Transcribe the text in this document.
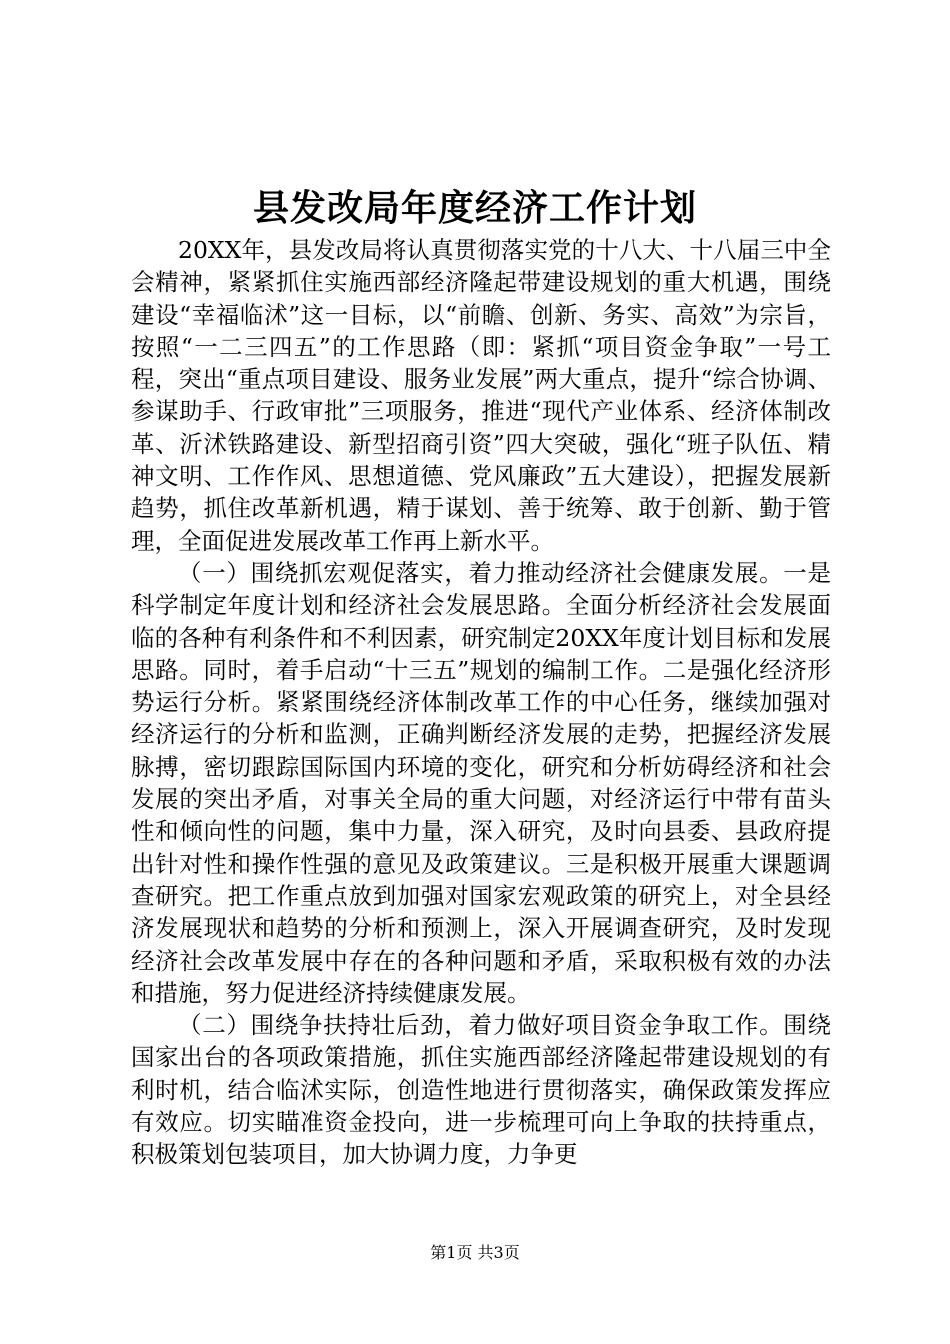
县发改局年度经济工作计划

20XX年，县发改局将认真贯彻落实党的十八大、十八届三中全会精神，紧紧抓住实施西部经济隆起带建设规划的重大机遇，围绕建设“幸福临沭”这一目标，以“前瞻、创新、务实、高效”为宗旨，按照“一二三四五”的工作思路（即：紧抓“项目资金争取”一号工程，突出“重点项目建设、服务业发展”两大重点，提升“综合协调、参谋助手、行政审批”三项服务，推进“现代产业体系、经济体制改革、沂沭铁路建设、新型招商引资”四大突破，强化“班子队伍、精神文明、工作作风、思想道德、党风廉政”五大建设），把握发展新趋势，抓住改革新机遇，精于谋划、善于统筹、敢于创新、勤于管理，全面促进发展改革工作再上新水平。

（一）围绕抓宏观促落实，着力推动经济社会健康发展。一是科学制定年度计划和经济社会发展思路。全面分析经济社会发展面临的各种有利条件和不利因素，研究制定20XX年度计划目标和发展思路。同时，着手启动“十三五”规划的编制工作。二是强化经济形势运行分析。紧紧围绕经济体制改革工作的中心任务，继续加强对经济运行的分析和监测，正确判断经济发展的走势，把握经济发展脉搏，密切跟踪国际国内环境的变化，研究和分析妨碍经济和社会发展的突出矛盾，对事关全局的重大问题，对经济运行中带有苗头性和倾向性的问题，集中力量，深入研究，及时向县委、县政府提出针对性和操作性强的意见及政策建议。三是积极开展重大课题调查研究。把工作重点放到加强对国家宏观政策的研究上，对全县经济发展现状和趋势的分析和预测上，深入开展调查研究，及时发现经济社会改革发展中存在的各种问题和矛盾，采取积极有效的办法和措施，努力促进经济持续健康发展。

（二）围绕争扶持壮后劲，着力做好项目资金争取工作。围绕国家出台的各项政策措施，抓住实施西部经济隆起带建设规划的有利时机，结合临沭实际，创造性地进行贯彻落实，确保政策发挥应有效应。切实瞄准资金投向，进一步梳理可向上争取的扶持重点，积极策划包装项目，加大协调力度，力争更

第1页 共3页
